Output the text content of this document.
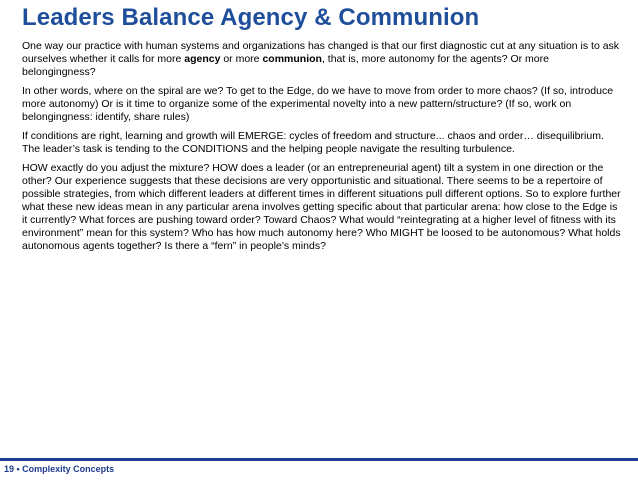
Leaders Balance Agency & Communion

One way our practice with human systems and organizations has changed is that our first diagnostic cut at any situation is to ask ourselves whether it calls for more agency or more communion, that is, more autonomy for the agents? Or more belongingness?

In other words, where on the spiral are we? To get to the Edge, do we have to move from order to more chaos? (If so, introduce more autonomy) Or is it time to organize some of the experimental novelty into a new pattern/structure? (If so, work on belongingness: identify, share rules)

If conditions are right, learning and growth will EMERGE: cycles of freedom and structure... chaos and order… disequilibrium. The leader’s task is tending to the CONDITIONS and the helping people navigate the resulting turbulence.

HOW exactly do you adjust the mixture? HOW does a leader (or an entrepreneurial agent) tilt a system in one direction or the other? Our experience suggests that these decisions are very opportunistic and situational. There seems to be a repertoire of possible strategies, from which different leaders at different times in different situations pull different options. So to explore further what these new ideas mean in any particular arena involves getting specific about that particular arena: how close to the Edge is it currently? What forces are pushing toward order? Toward Chaos? What would “reintegrating at a higher level of fitness with its environment” mean for this system? Who has how much autonomy here? Who MIGHT be loosed to be autonomous? What holds autonomous agents together? Is there a “fern” in people’s minds?

19 • Complexity Concepts
